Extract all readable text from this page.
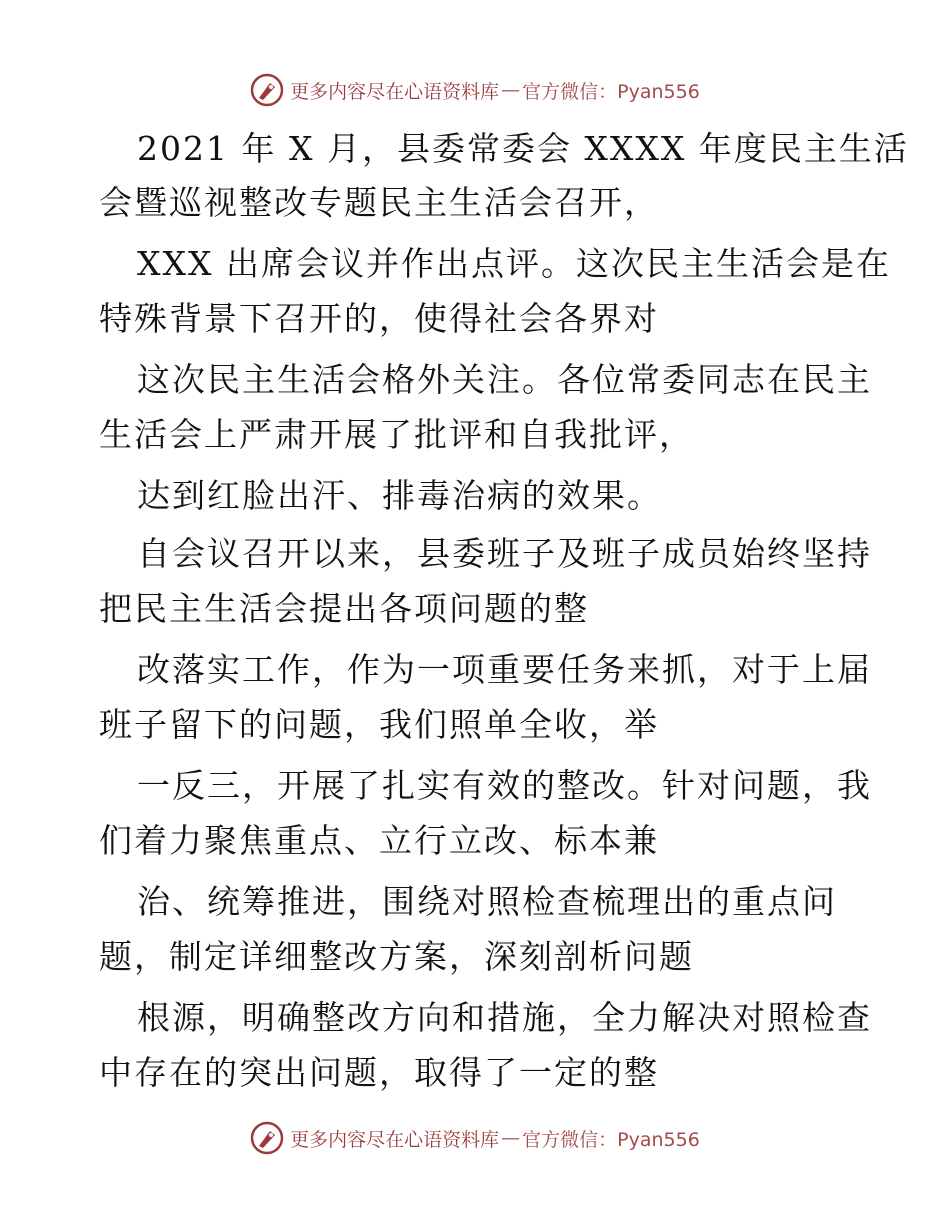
更多内容尽在心语资料库 — 官方微信：Pyan556
2021 年 X 月，县委常委会 XXXX 年度民主生活
会暨巡视整改专题民主生活会召开，
XXX 出席会议并作出点评。这次民主生活会是在
特殊背景下召开的，使得社会各界对
这次民主生活会格外关注。各位常委同志在民主
生活会上严肃开展了批评和自我批评，
达到红脸出汗、排毒治病的效果。
自会议召开以来，县委班子及班子成员始终坚持
把民主生活会提出各项问题的整
改落实工作，作为一项重要任务来抓，对于上届
班子留下的问题，我们照单全收，举
一反三，开展了扎实有效的整改。针对问题，我
们着力聚焦重点、立行立改、标本兼
治、统筹推进，围绕对照检查梳理出的重点问
题，制定详细整改方案，深刻剖析问题
根源，明确整改方向和措施，全力解决对照检查
中存在的突出问题，取得了一定的整
更多内容尽在心语资料库 — 官方微信：Pyan556
